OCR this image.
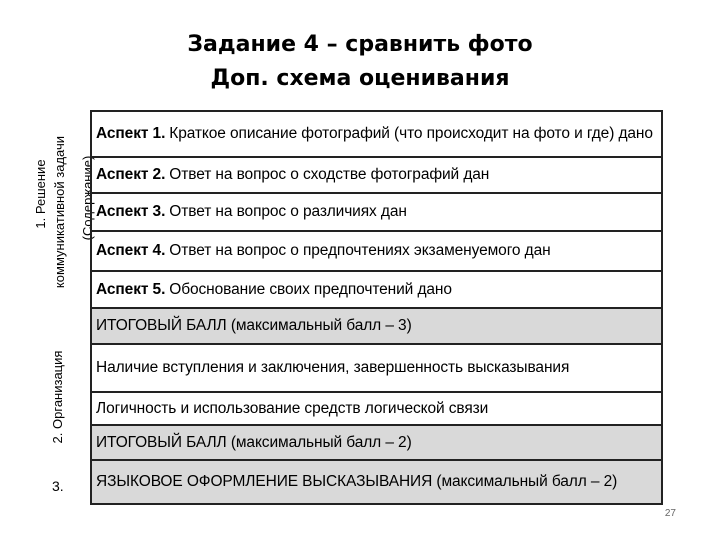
Задание 4 – сравнить фото
Доп. схема оценивания
1. Решение коммуникативной задачи (Содержание)
2. Организация
3.
Аспект 1. Краткое описание фотографий (что происходит на фото и где) дано
Аспект 2. Ответ на вопрос о сходстве фотографий дан
Аспект 3. Ответ на вопрос о различиях дан
Аспект 4. Ответ на вопрос о предпочтениях экзаменуемого дан
Аспект 5. Обоснование своих предпочтений дано
ИТОГОВЫЙ БАЛЛ (максимальный балл – 3)
Наличие вступления и заключения, завершенность высказывания
Логичность и использование средств логической связи
ИТОГОВЫЙ БАЛЛ (максимальный балл – 2)
ЯЗЫКОВОЕ ОФОРМЛЕНИЕ ВЫСКАЗЫВАНИЯ (максимальный балл – 2)
27
